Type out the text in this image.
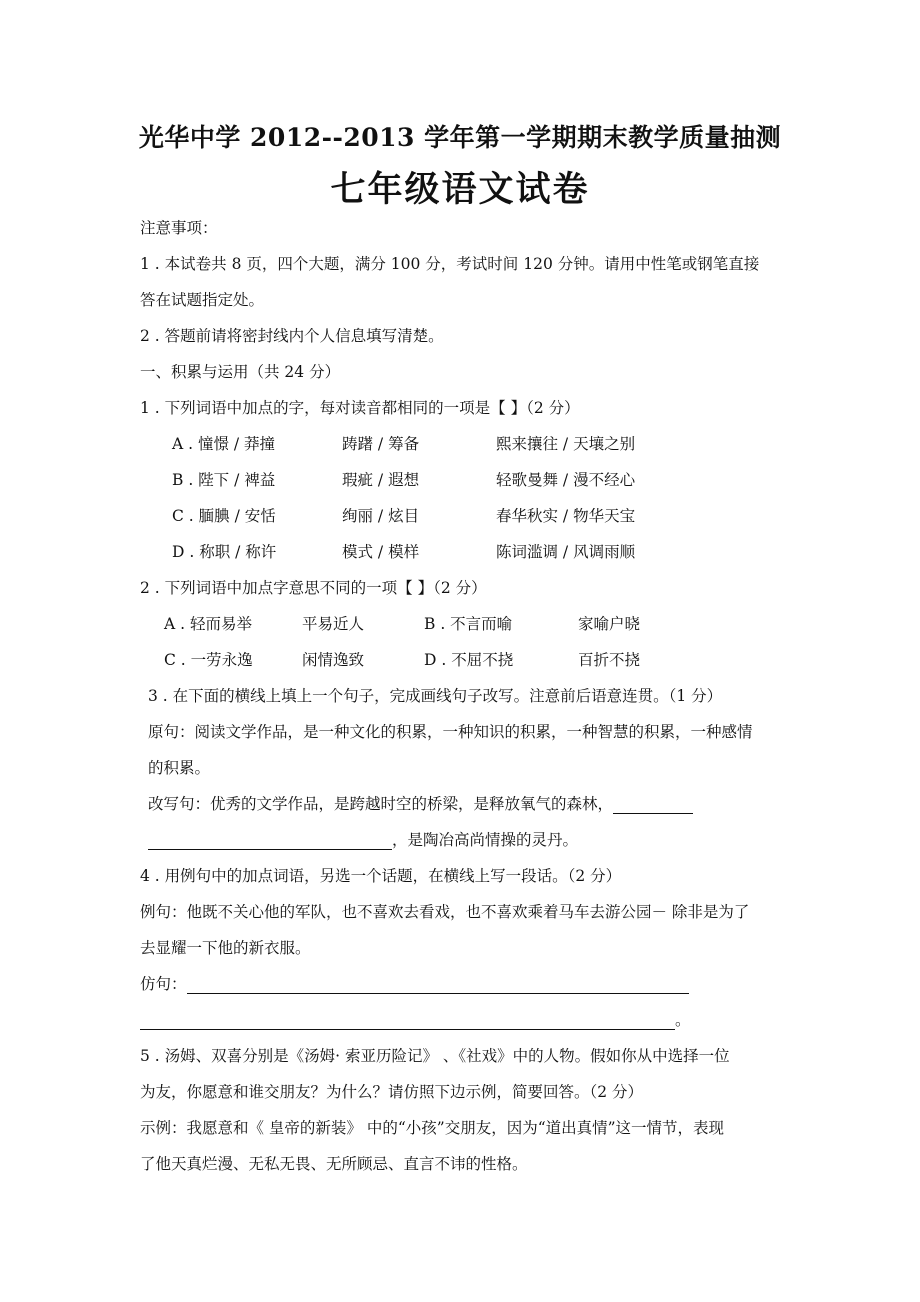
光华中学 2012--2013 学年第一学期期末教学质量抽测
七年级语文试卷
注意事项：
1 . 本试卷共 8 页，四个大题，满分 100 分，考试时间 120 分钟。请用中性笔或钢笔直接
答在试题指定处。
2 . 答题前请将密封线内个人信息填写清楚。
一、积累与运用（共 24 分）
1 . 下列词语中加点的字，每对读音都相同的一项是【 】（2 分）
A . 憧憬 / 莽撞	踌躇 / 筹备	熙来攘往 / 天壤之别
B . 陛下 / 裨益	瑕疵 / 遐想	轻歌曼舞 / 漫不经心
C . 腼腆 / 安恬	绚丽 / 炫目	春华秋实 / 物华天宝
D . 称职 / 称许	模式 / 模样	陈词滥调 / 风调雨顺
2 . 下列词语中加点字意思不同的一项【 】（2 分）
A . 轻而易举	平易近人	B . 不言而喻	家喻户晓
C . 一劳永逸	闲情逸致	D . 不屈不挠	百折不挠
3 . 在下面的横线上填上一个句子，完成画线句子改写。注意前后语意连贯。（1 分）
原句：阅读文学作品，是一种文化的积累，一种知识的积累，一种智慧的积累，一种感情
的积累。
改写句：优秀的文学作品，是跨越时空的桥梁，是释放氧气的森林，
，是陶冶高尚情操的灵丹。
4 . 用例句中的加点词语，另选一个话题，在横线上写一段话。（2 分）
例句：他既不关心他的军队，也不喜欢去看戏，也不喜欢乘着马车去游公园－ 除非是为了
去显耀一下他的新衣服。
仿句：
。
5 . 汤姆、双喜分别是《汤姆· 索亚历险记》 、《社戏》中的人物。假如你从中选择一位
为友，你愿意和谁交朋友？为什么？请仿照下边示例，简要回答。（2 分）
示例：我愿意和《 皇帝的新装》 中的“小孩”交朋友，因为“道出真情”这一情节，表现
了他天真烂漫、无私无畏、无所顾忌、直言不讳的性格。
